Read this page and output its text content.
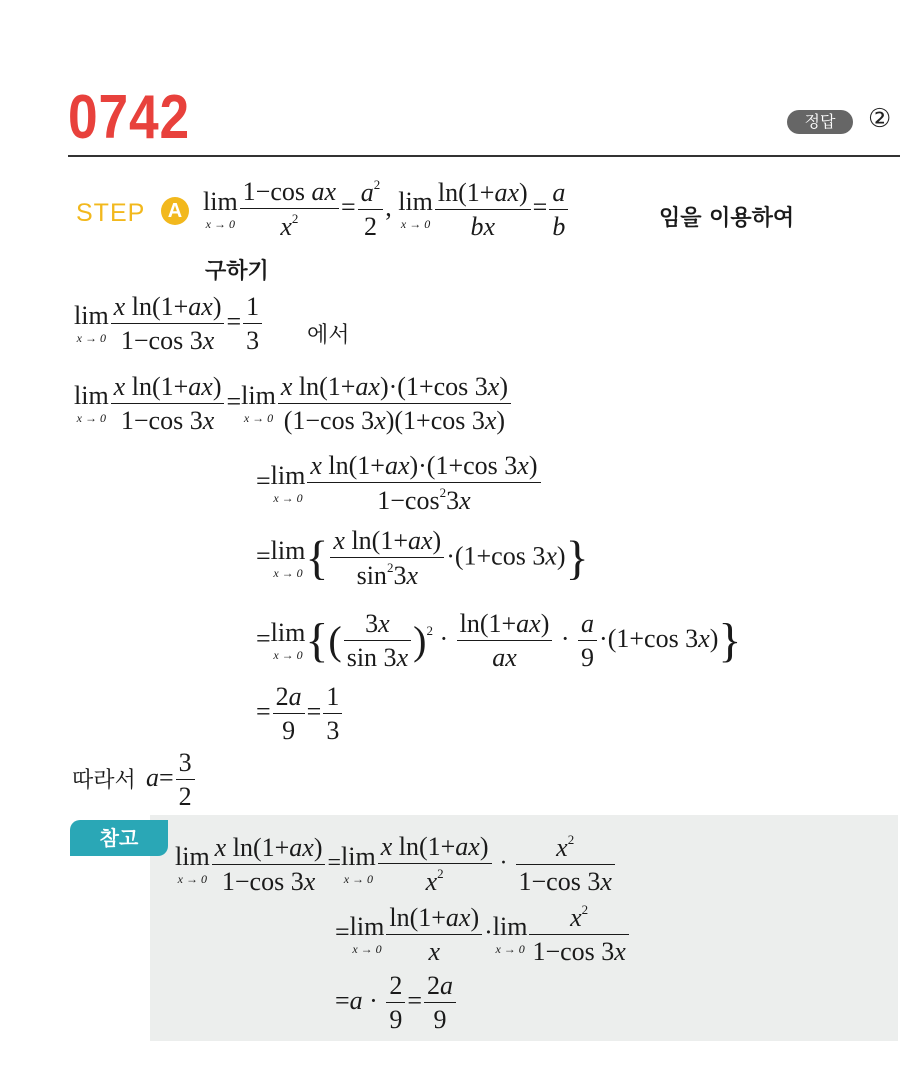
0742	정답	②
STEP	A lim
$x \to 0 \frac{\text{1−cos ax}}{x^2} = \frac{a^2}{2}$ , lim
$x \to 0 \frac{\ln(1+ax)}{bx} = \frac{a}{b}$	임을 이용하여
구하기
lim
$x \to 0 \frac{\text{x ln(1+ax)}}{1-\cos 3x} = \frac{1}{3}$ 에서
lim
$x \to 0 \frac{\text{x ln(1+ax)}}{1-\cos 3x} = \lim$
$x \to 0 \frac{\text{x ln(1+ax)·(1+cos 3x)}}{(1-\cos 3x)(1+\cos 3x)}$
= lim
$x \to 0 \frac{\text{x ln(1+ax)·(1+cos 3x)}}{1-\cos^23x}$
= lim
x → 0 { $\frac{\text{x ln(1+ax)}}{\sin^23x} \cdot(1+\cos$ 3x)}
= lim
x → 0 {( $\frac{3x}{\sin 3x} )^2 \cdot \frac{\ln(1+ax)}{ax} \cdot \frac{a}{9} \cdot(1+\cos$ 3x)}
= $\frac{2a}{9} = \frac{1}{3}$
따라서 $a= \frac{3}{2}$
참고
lim
$x \to 0 \frac{\text{x ln(1+ax)}}{1-\cos 3x} = \lim$
$x \to 0 \frac{\text{x ln(1+ax)}}{x^2} \cdot \frac{x^2}{1-\cos 3x}$
= lim
$x \to 0 \frac{\ln(1+ax)}{x} \cdot \lim$
$x \to 0 \frac{x^2}{1-\cos 3x}$
$=a \cdot \frac{2}{9} = \frac{2a}{9}$
